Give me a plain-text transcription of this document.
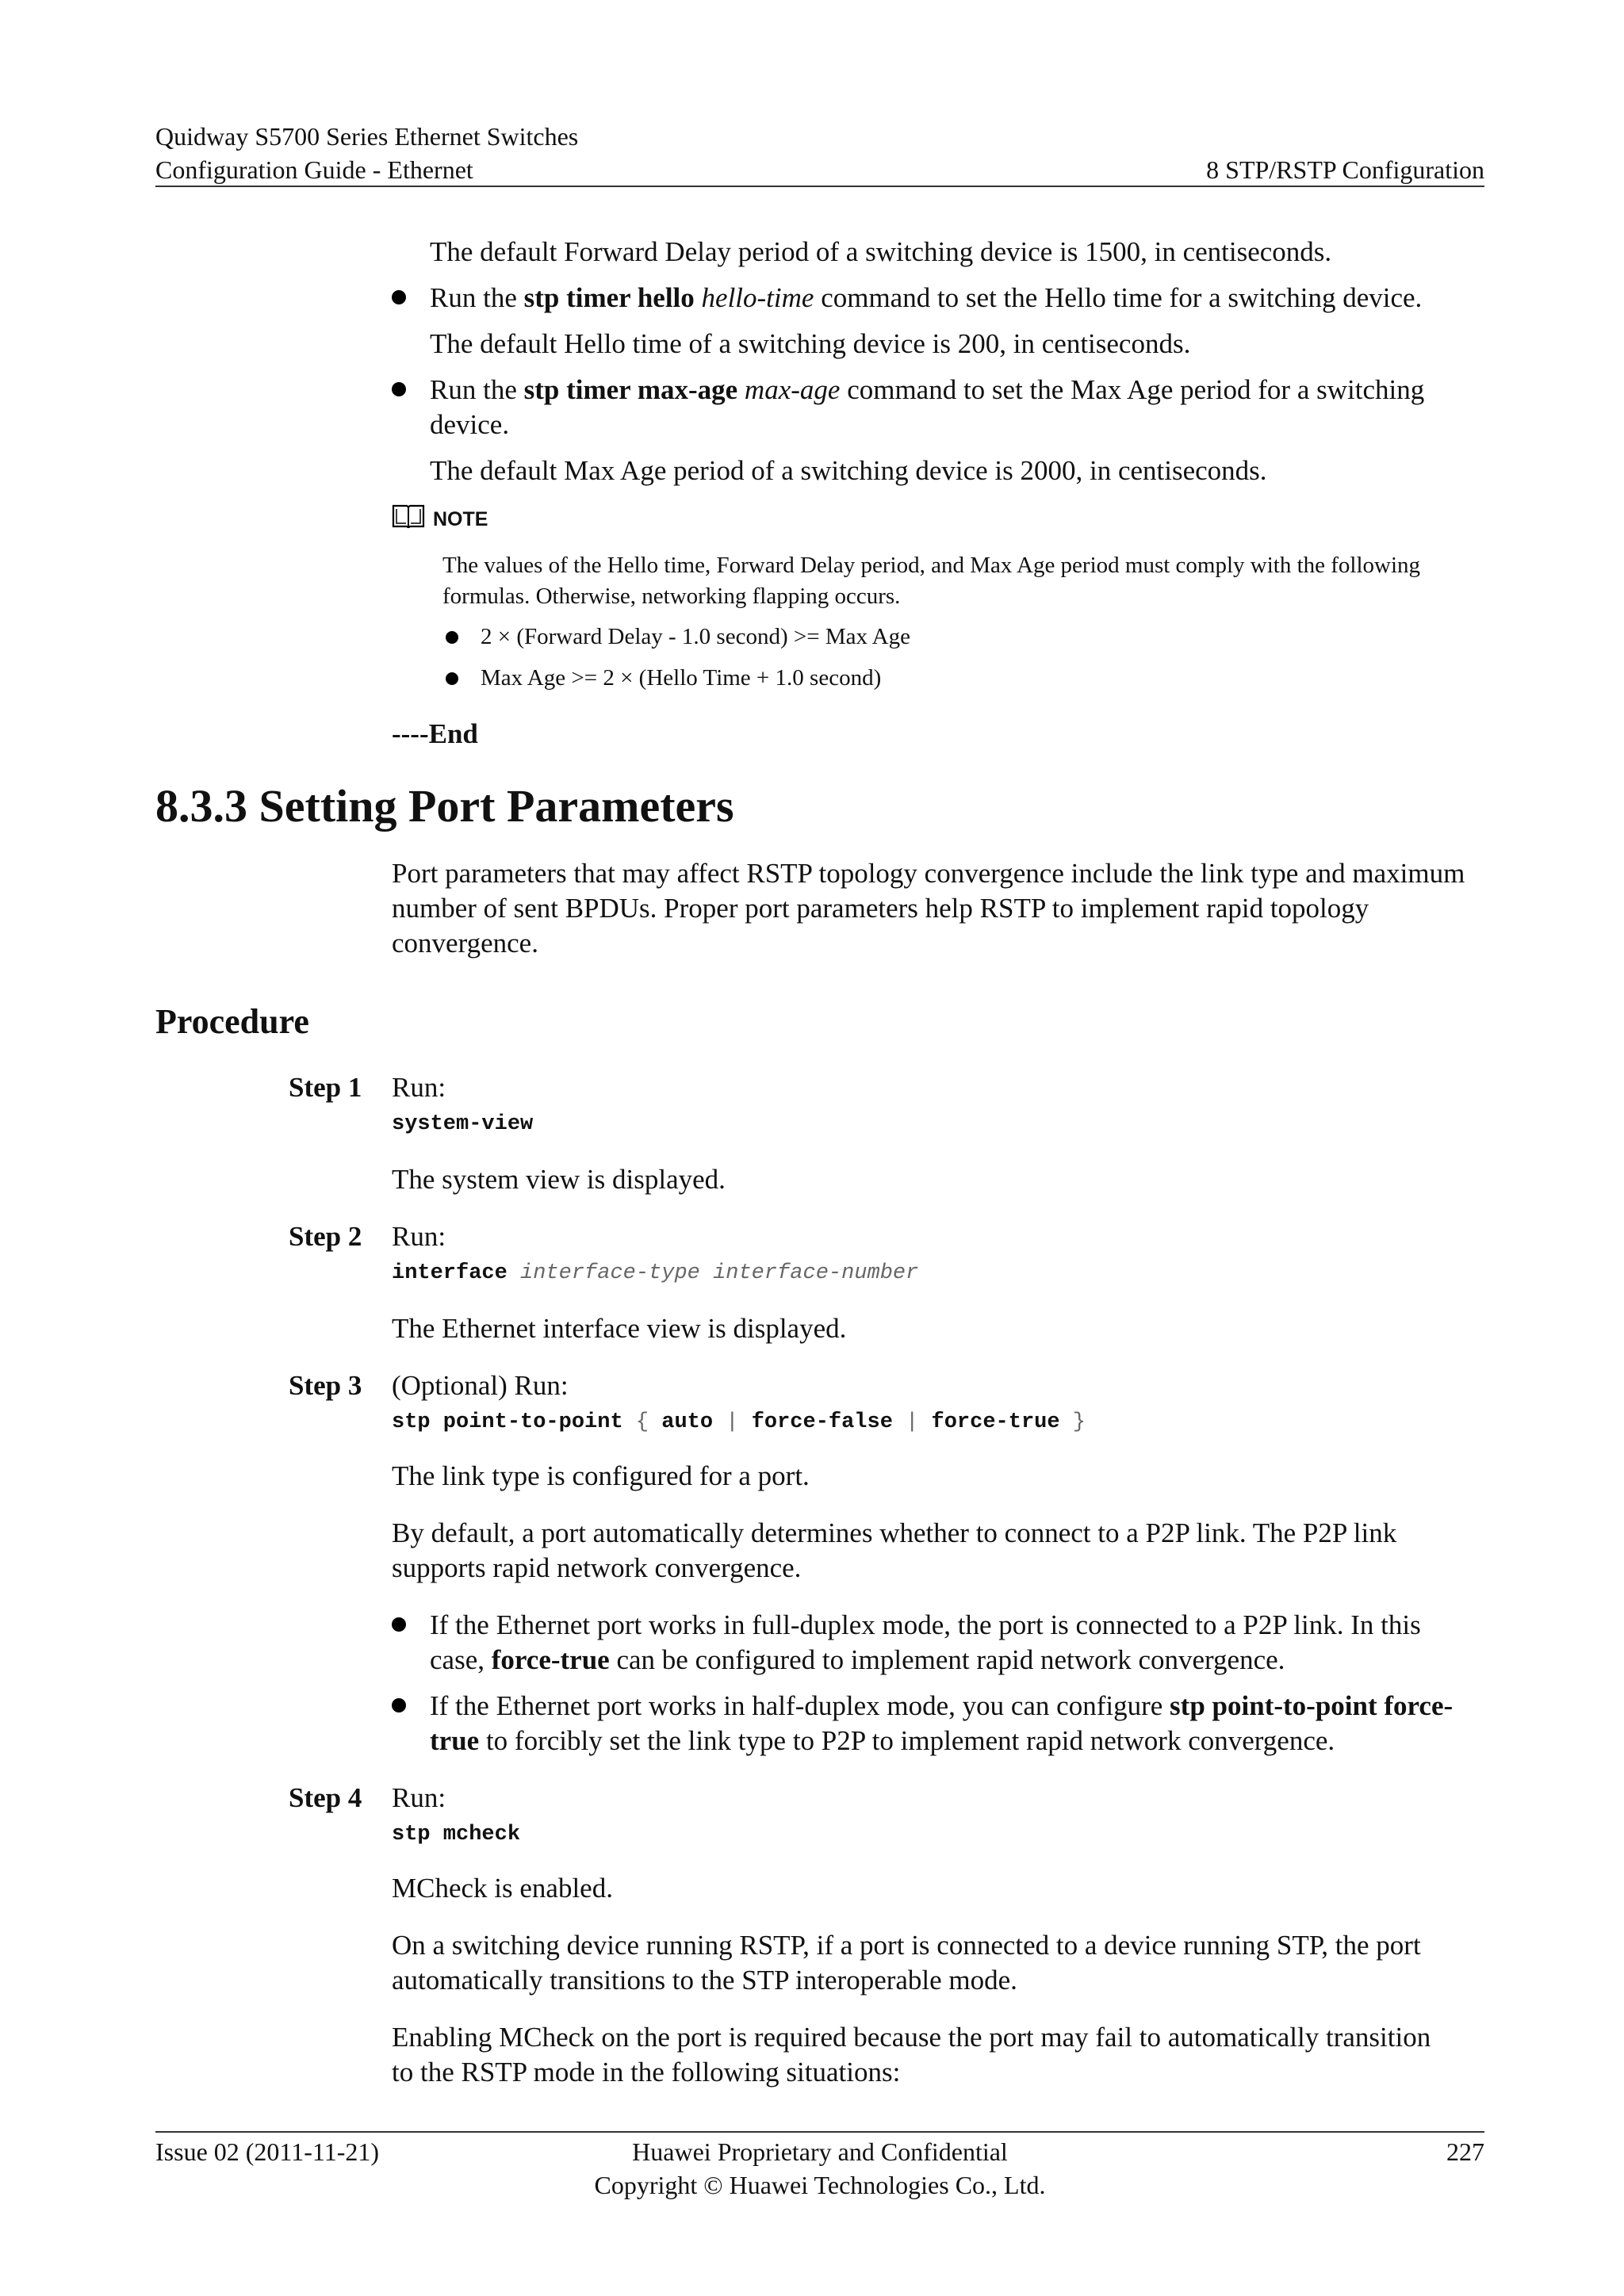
Quidway S5700 Series Ethernet Switches
Configuration Guide - Ethernet	8 STP/RSTP Configuration
The default Forward Delay period of a switching device is 1500, in centiseconds.
Run the stp timer hello hello-time command to set the Hello time for a switching device.
The default Hello time of a switching device is 200, in centiseconds.
Run the stp timer max-age max-age command to set the Max Age period for a switching
device.
The default Max Age period of a switching device is 2000, in centiseconds.
NOTE
The values of the Hello time, Forward Delay period, and Max Age period must comply with the following
formulas. Otherwise, networking flapping occurs.
2 × (Forward Delay - 1.0 second) >= Max Age
Max Age >= 2 × (Hello Time + 1.0 second)
----End
8.3.3 Setting Port Parameters
Port parameters that may affect RSTP topology convergence include the link type and maximum
number of sent BPDUs. Proper port parameters help RSTP to implement rapid topology
convergence.
Procedure
Step 1 Run:
system-view
The system view is displayed.
Step 2 Run:
interface interface-type interface-number
The Ethernet interface view is displayed.
Step 3 (Optional) Run:
stp point-to-point { auto | force-false | force-true }
The link type is configured for a port.
By default, a port automatically determines whether to connect to a P2P link. The P2P link
supports rapid network convergence.
If the Ethernet port works in full-duplex mode, the port is connected to a P2P link. In this
case, force-true can be configured to implement rapid network convergence.
If the Ethernet port works in half-duplex mode, you can configure stp point-to-point force-
true to forcibly set the link type to P2P to implement rapid network convergence.
Step 4 Run:
stp mcheck
MCheck is enabled.
On a switching device running RSTP, if a port is connected to a device running STP, the port
automatically transitions to the STP interoperable mode.
Enabling MCheck on the port is required because the port may fail to automatically transition
to the RSTP mode in the following situations:
Issue 02 (2011-11-21)	Huawei Proprietary and Confidential
Copyright © Huawei Technologies Co., Ltd.
227
